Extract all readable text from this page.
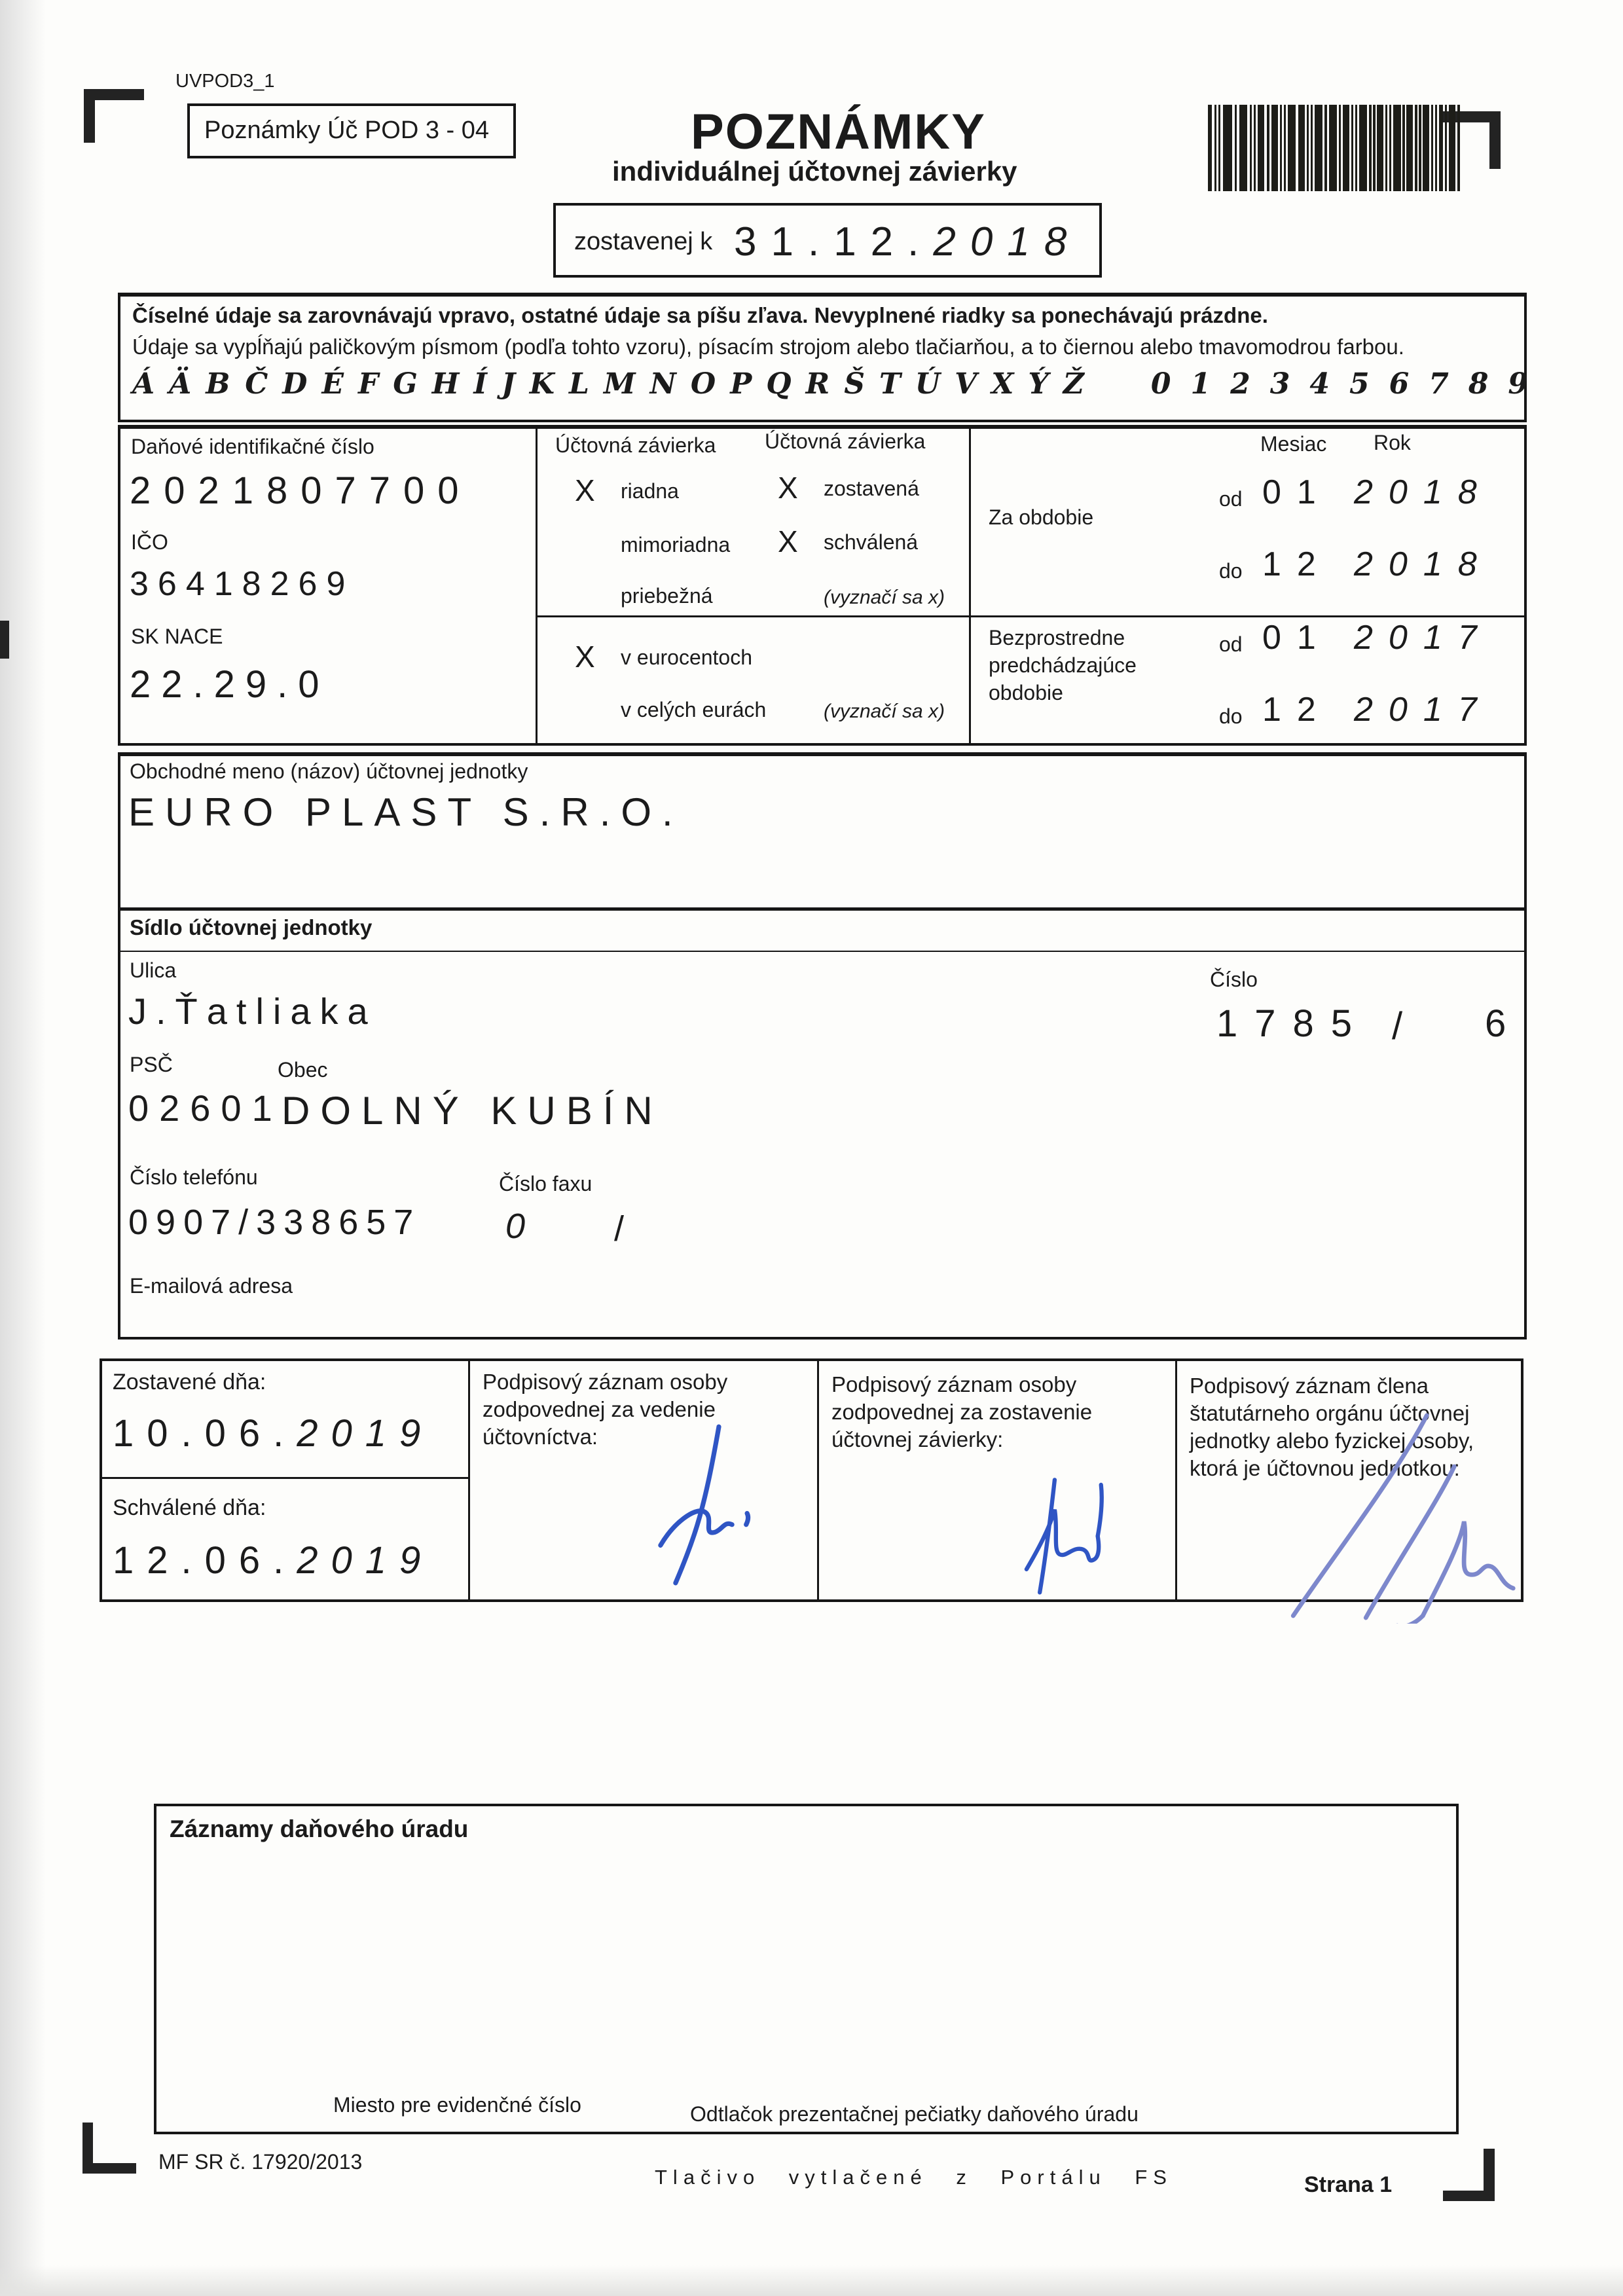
UVPOD3_1
Poznámky Úč POD 3 - 04	POZNÁMKY
individuálnej účtovnej závierky
zostavenej k 31.12.2018
Číselné údaje sa zarovnávajú vpravo, ostatné údaje sa píšu zľava. Nevyplnené riadky sa ponechávajú prázdne.
Údaje sa vypĺňajú paličkovým písmom (podľa tohto vzoru), písacím strojom alebo tlačiarňou, a to čiernou alebo tmavomodrou farbou.
ÁÄBČDÉFGHÍJKLMNOPQRŠTÚVXÝŽ 0123456789
Daňové identifikačné číslo
2021807700
IČO
36418269
SK NACE
22.29.0
Účtovná závierka Účtovná závierka
X riadna	X zostavená
mimoriadna X schválená
priebežná	(vyznačí sa x)
X v eurocentoch
v celých eurách	(vyznačí sa x)
Mesiac Rok
Za obdobie
od 01 2018
do 12 2018
Bezprostredne
predchádzajúce
obdobie
od 01 2017
do 12 2017
Obchodné meno (názov) účtovnej jednotky
EURO PLAST S.R.O.
Sídlo účtovnej jednotky
Ulica
J.Ťatliaka
Číslo
1785 / 6
PSČ
02601
Obec
DOLNÝ KUBÍN
Číslo telefónu
0907/338657
Číslo faxu
0 /
E-mailová adresa
Zostavené dňa:
10.06.2019
Schválené dňa:
12.06.2019
Podpisový záznam osoby zodpovednej za vedenie účtovníctva:
Podpisový záznam osoby zodpovednej za zostavenie účtovnej závierky:
Podpisový záznam člena štatutárneho orgánu účtovnej jednotky alebo fyzickej osoby, ktorá je účtovnou jednotkou:
Záznamy daňového úradu
Miesto pre evidenčné číslo	Odtlačok prezentačnej pečiatky daňového úradu
MF SR č. 17920/2013
Tlačivo vytlačené z Portálu FS	Strana 1
